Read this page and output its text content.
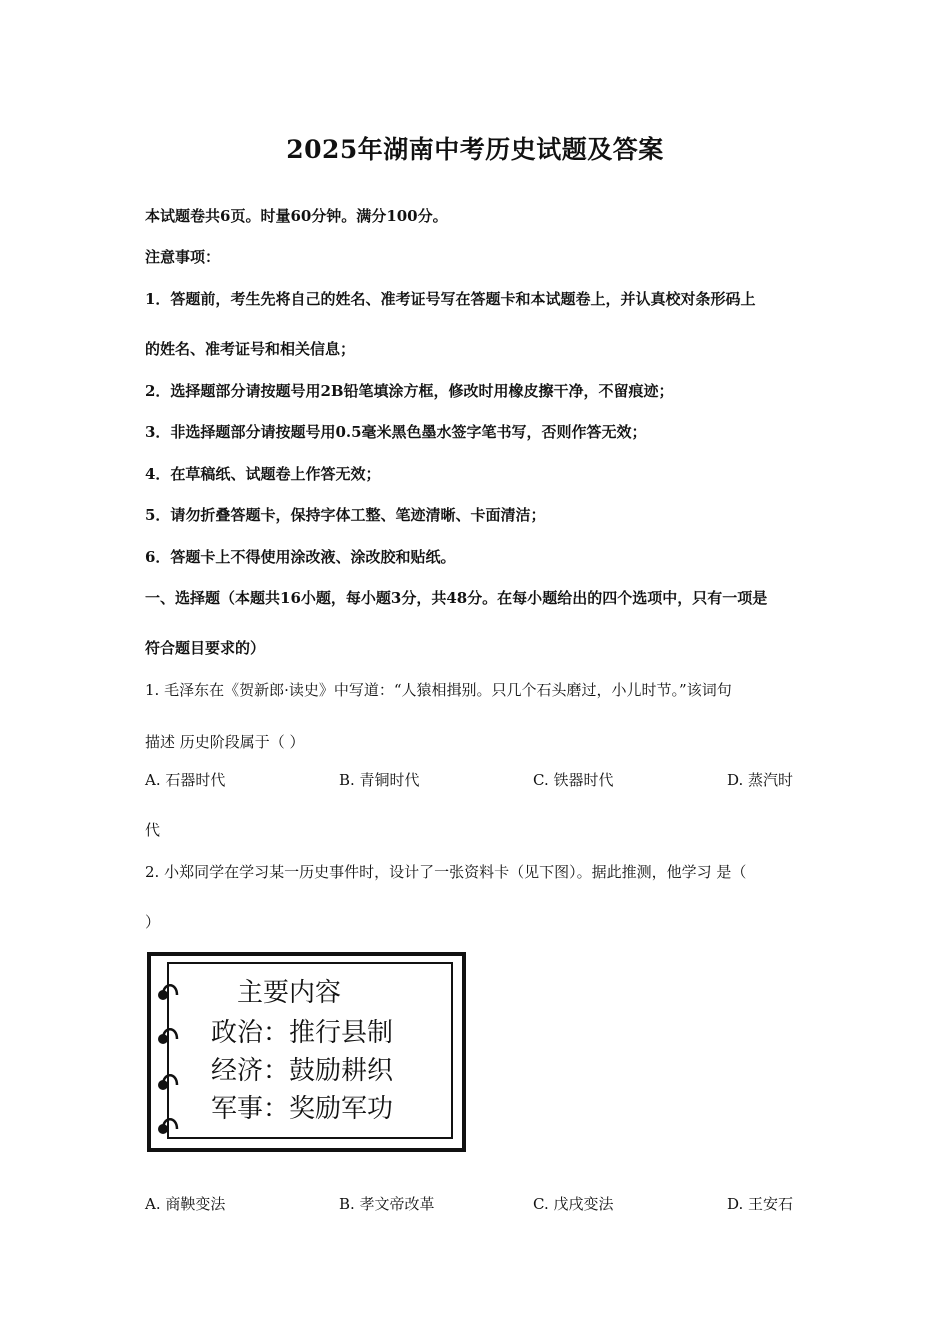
2025年湖南中考历史试题及答案
本试题卷共6页。时量60分钟。满分100分。
注意事项：
1．答题前，考生先将自己的姓名、准考证号写在答题卡和本试题卷上，并认真校对条形码上
的姓名、准考证号和相关信息；
2．选择题部分请按题号用2B铅笔填涂方框，修改时用橡皮擦干净，不留痕迹；
3．非选择题部分请按题号用0.5毫米黑色墨水签字笔书写，否则作答无效；
4．在草稿纸、试题卷上作答无效；
5．请勿折叠答题卡，保持字体工整、笔迹清晰、卡面清洁；
6．答题卡上不得使用涂改液、涂改胶和贴纸。
一、选择题（本题共16小题，每小题3分，共48分。在每小题给出的四个选项中，只有一项是
符合题目要求的）
1. 毛泽东在《贺新郎·读史》中写道：“人猿相揖别。只几个石头磨过，小儿时节。”该词句
描述 历史阶段属于（ ）
A. 石器时代	B. 青铜时代	C. 铁器时代	D. 蒸汽时
代
2. 小郑同学在学习某一历史事件时，设计了一张资料卡（见下图）。据此推测，他学习 是（
）
主要内容
政治：推行县制
经济：鼓励耕织
军事：奖励军功
A. 商鞅变法	B. 孝文帝改革	C. 戊戌变法	D. 王安石
